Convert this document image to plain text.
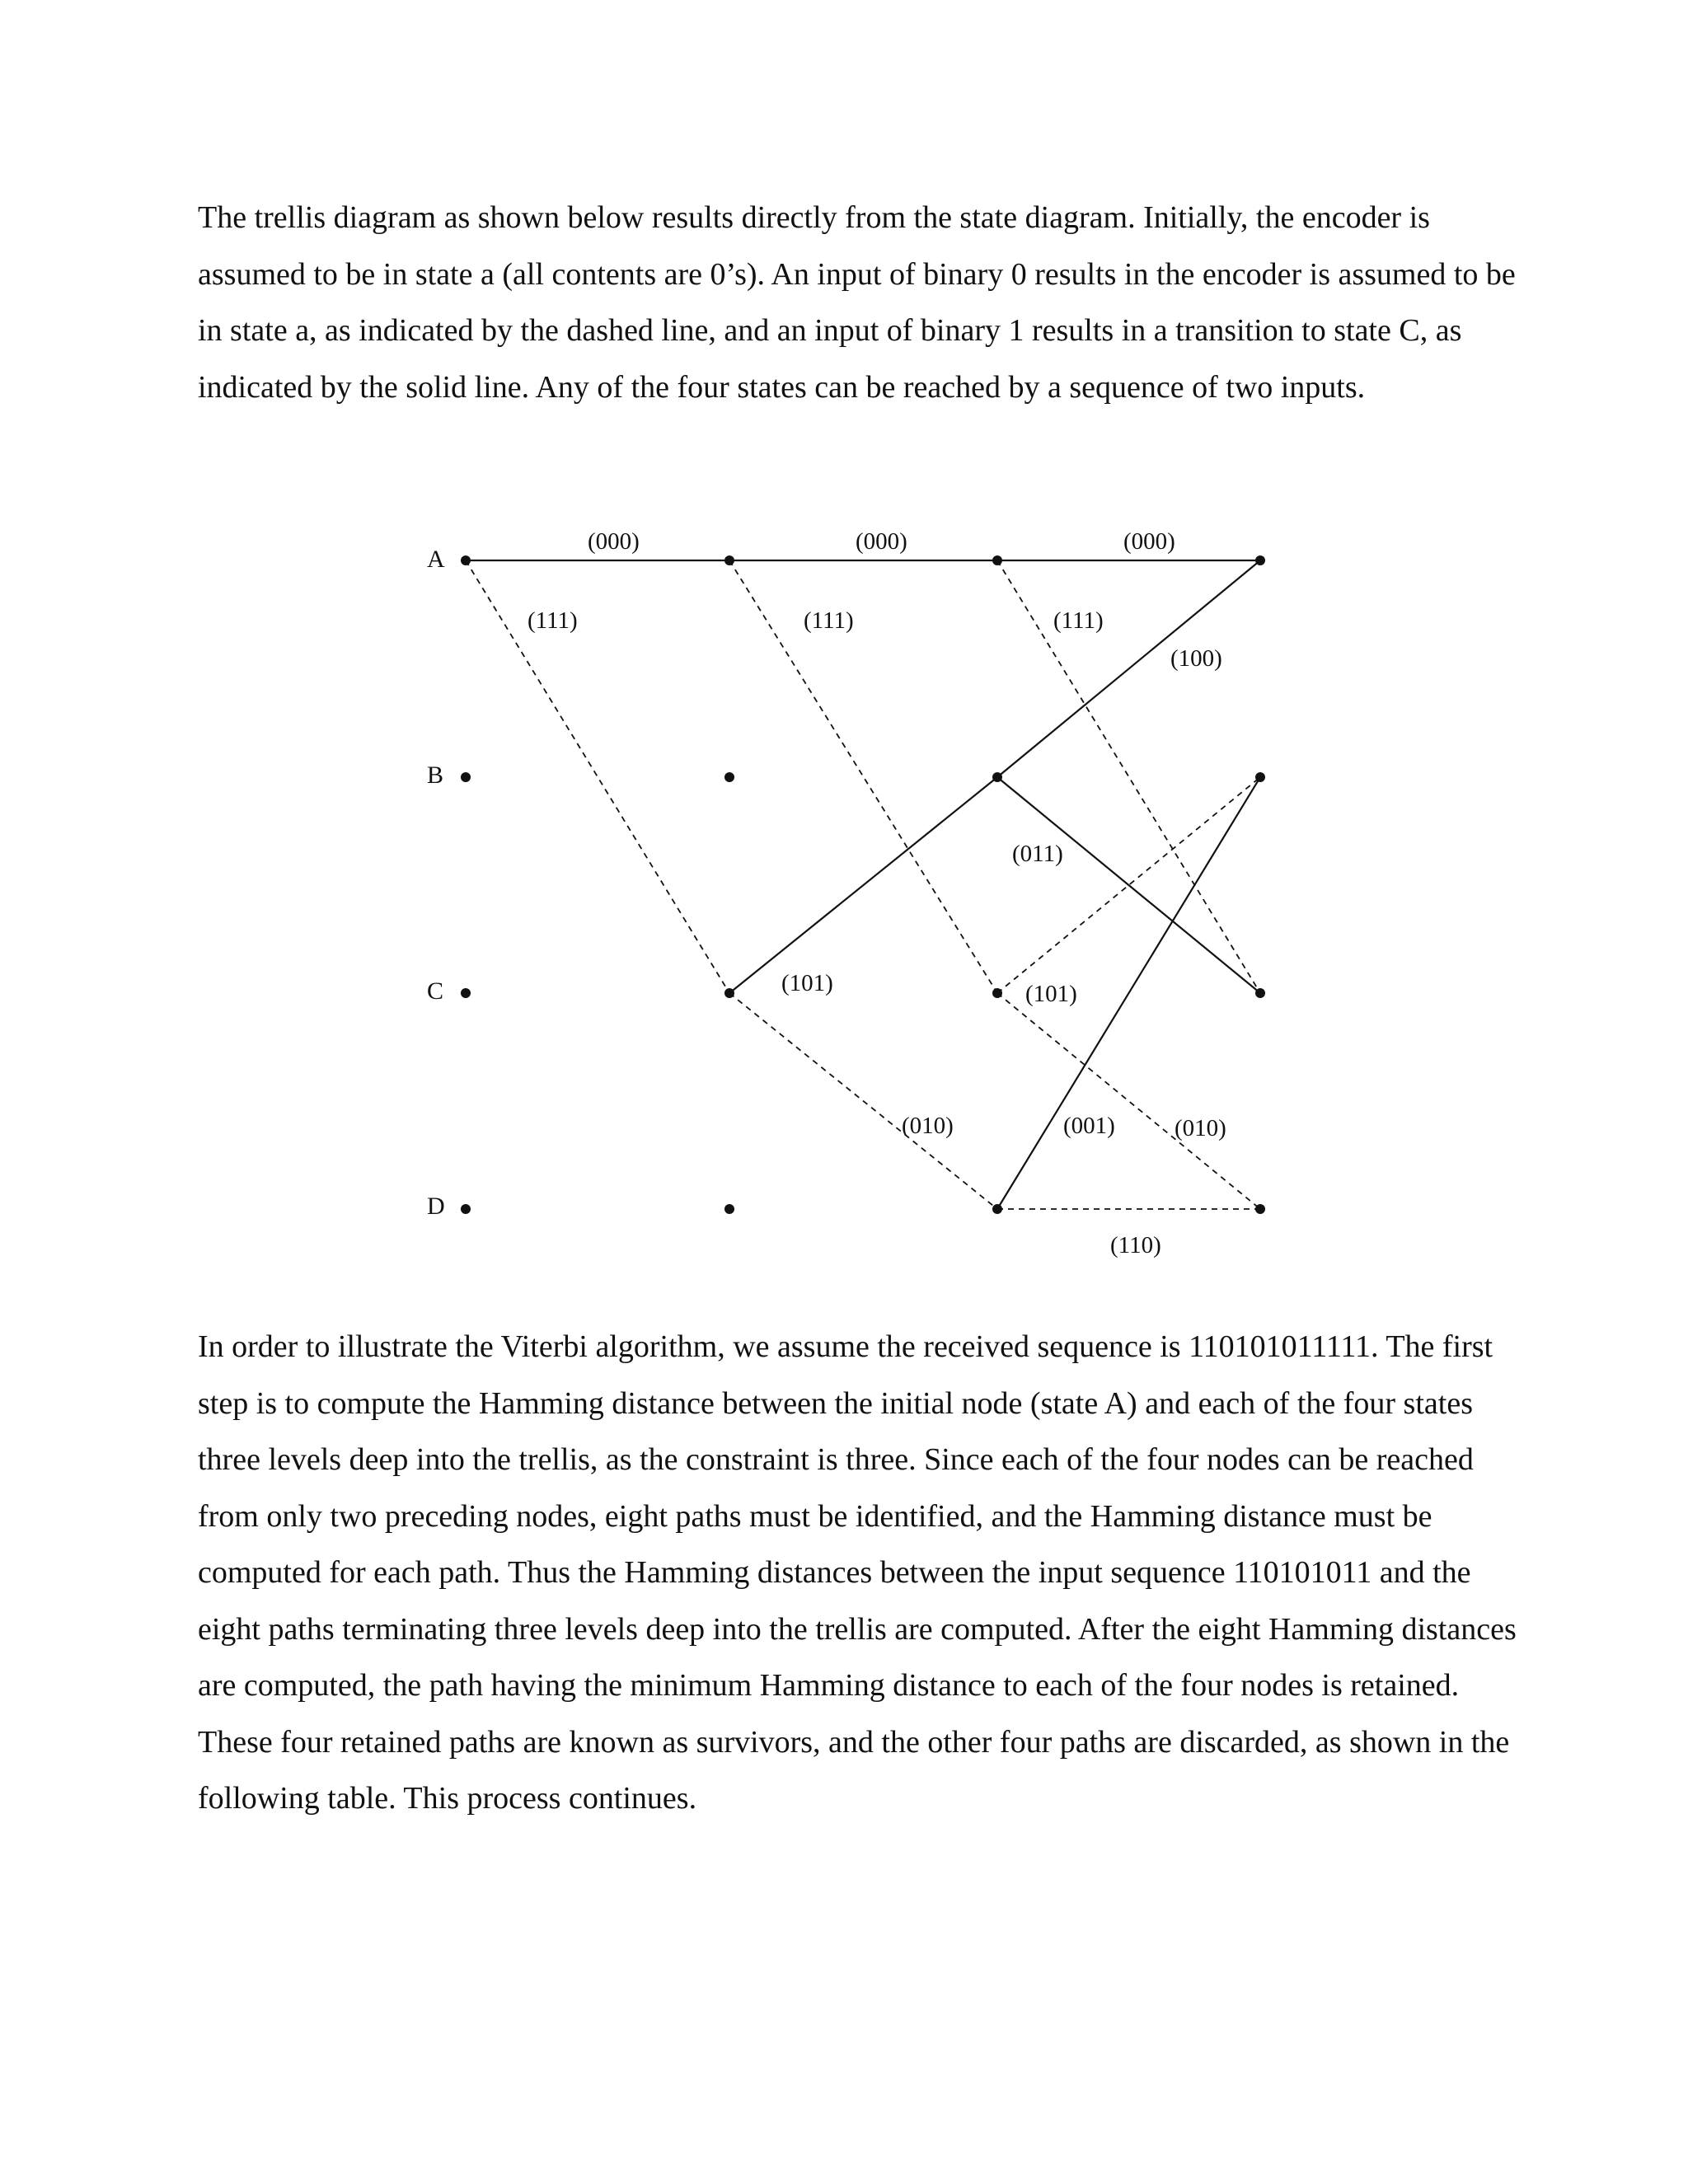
The trellis diagram as shown below results directly from the state diagram. Initially, the encoder is assumed to be in state a (all contents are 0’s). An input of binary 0 results in the encoder is assumed to be in state a, as indicated by the dashed line, and an input of binary 1 results in a transition to state C, as indicated by the solid line. Any of the four states can be reached by a sequence of two inputs.

A
B
C
D
(000)	(000)	(000)
(111)	(111)	(111)
(100)
(011)
(101)	(101)
(010)	(001) (010)
(110)

In order to illustrate the Viterbi algorithm, we assume the received sequence is 110101011111. The first step is to compute the Hamming distance between the initial node (state A) and each of the four states three levels deep into the trellis, as the constraint is three. Since each of the four nodes can be reached from only two preceding nodes, eight paths must be identified, and the Hamming distance must be computed for each path. Thus the Hamming distances between the input sequence 110101011 and the eight paths terminating three levels deep into the trellis are computed. After the eight Hamming distances are computed, the path having the minimum Hamming distance to each of the four nodes is retained. These four retained paths are known as survivors, and the other four paths are discarded, as shown in the following table. This process continues.
